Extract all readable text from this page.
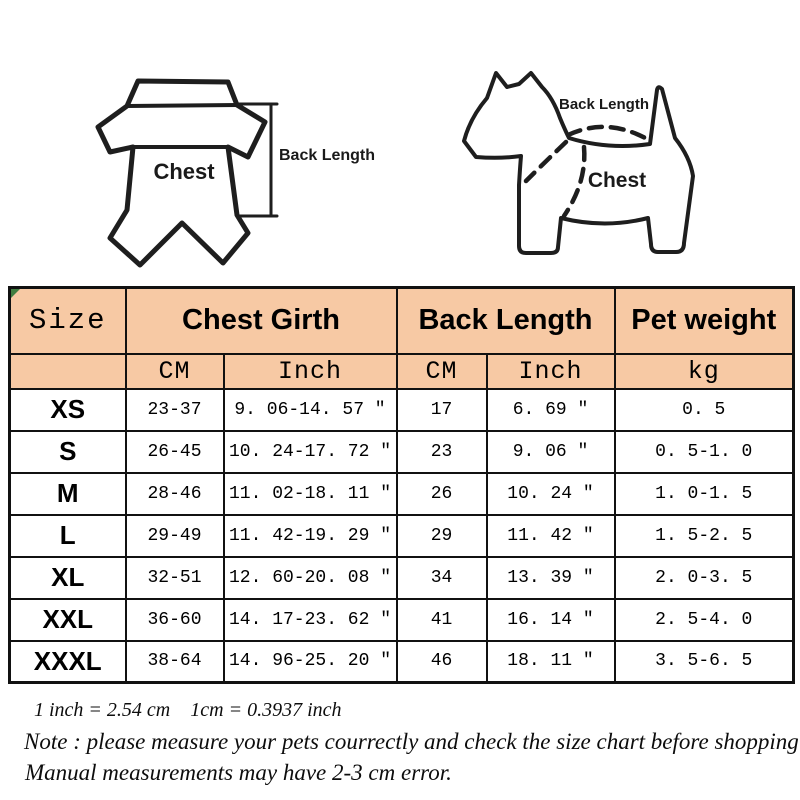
Chest
Back Length
Back Length
Chest
Size	Chest Girth		Back Length		Pet weight
	CM	Inch	CM	Inch	kg
XS	23-37	9. 06-14. 57 ″	17	6. 69 ″	0. 5
S	26-45	10. 24-17. 72 ″	23	9. 06 ″	0. 5-1. 0
M	28-46	11. 02-18. 11 ″	26	10. 24 ″	1. 0-1. 5
L	29-49	11. 42-19. 29 ″	29	11. 42 ″	1. 5-2. 5
XL	32-51	12. 60-20. 08 ″	34	13. 39 ″	2. 0-3. 5
XXL	36-60	14. 17-23. 62 ″	41	16. 14 ″	2. 5-4. 0
XXXL	38-64	14. 96-25. 20 ″	46	18. 11 ″	3. 5-6. 5
1 inch = 2.54 cm    1cm = 0.3937 inch
Note : please measure your pets courrectly and check the size chart before shopping
Manual measurements may have 2-3 cm error.
